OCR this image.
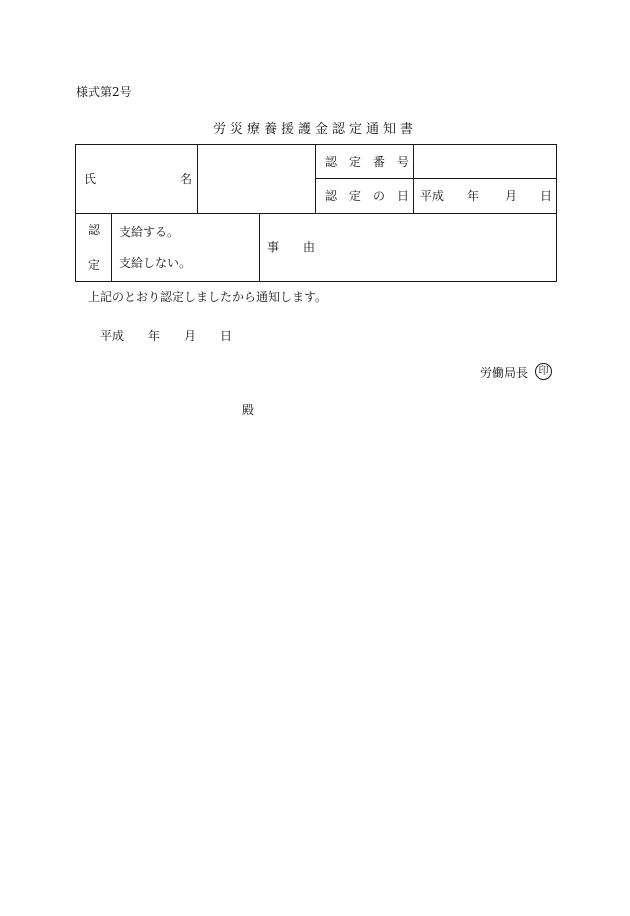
様式第2号
労災療養援護金認定通知書
氏	名
認　定　番　号
認　定　の　日 平成 年 月 日
認
定
支給する。
支給しない。
事　　由
上記のとおり認定しましたから通知します。
平成　　年　　月　　日
労働局長	印
殿
